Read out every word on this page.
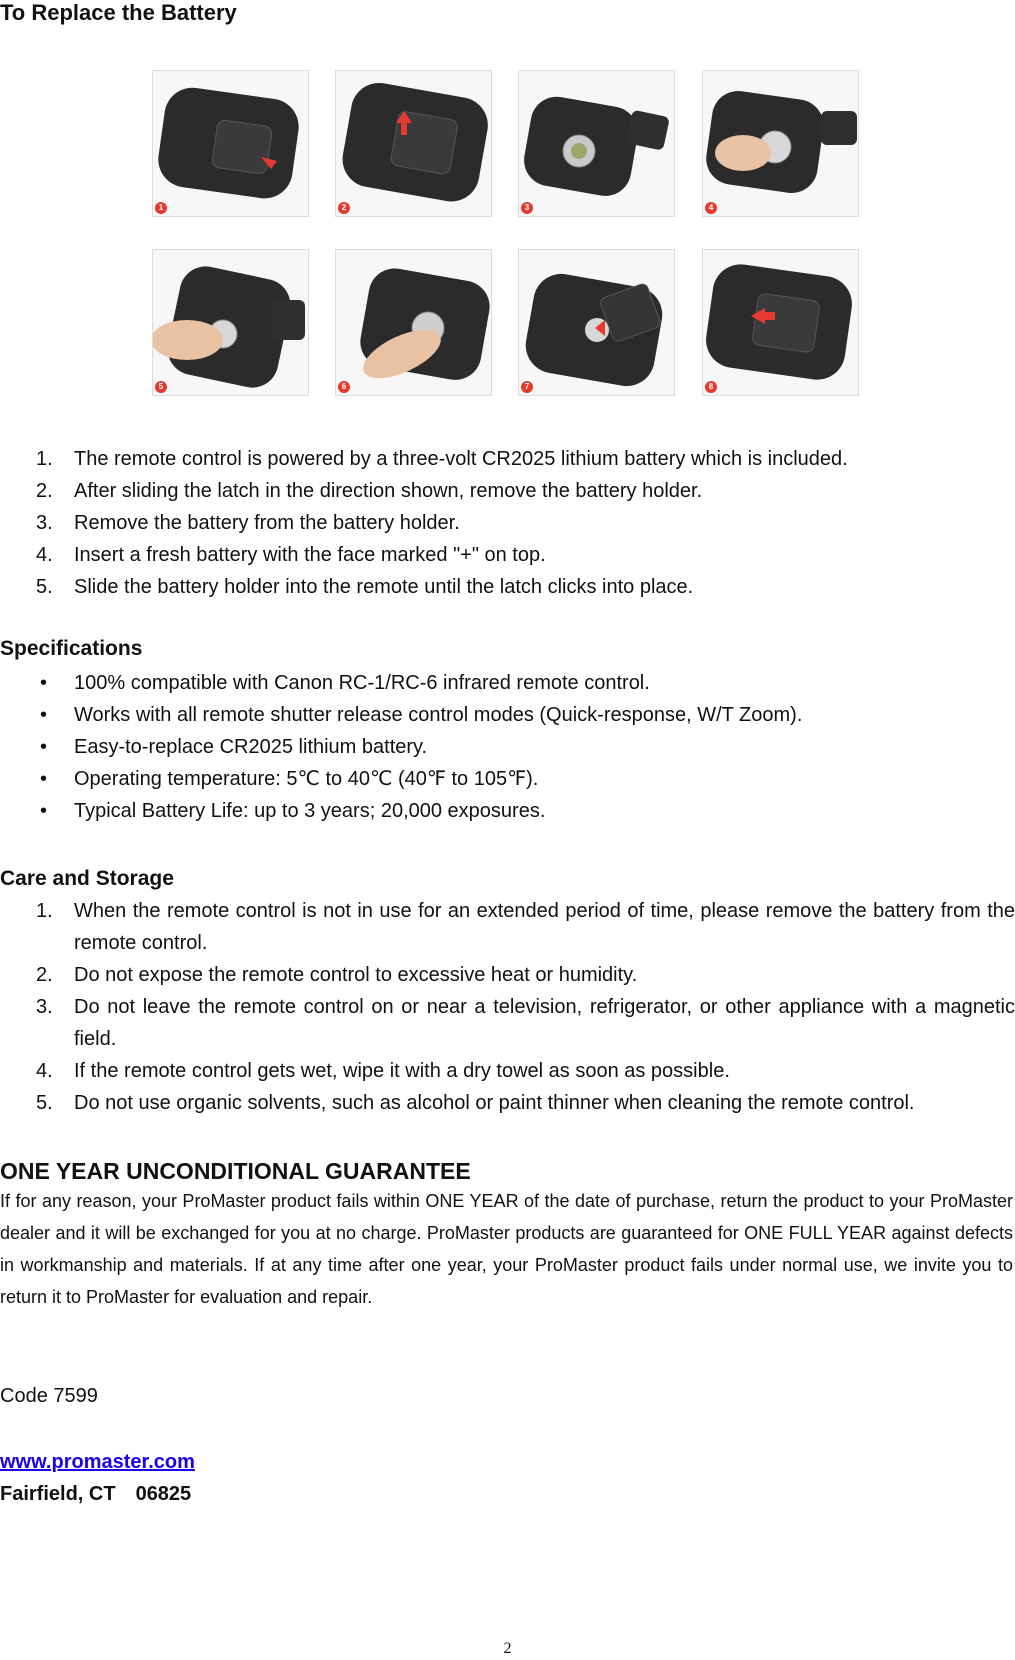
To Replace the Battery
1	2	3	4
5	6	7	8
1. The remote control is powered by a three-volt CR2025 lithium battery which is included.
2. After sliding the latch in the direction shown, remove the battery holder.
3. Remove the battery from the battery holder.
4. Insert a fresh battery with the face marked "+" on top.
5. Slide the battery holder into the remote until the latch clicks into place.
Specifications
• 100% compatible with Canon RC-1/RC-6 infrared remote control.
• Works with all remote shutter release control modes (Quick-response, W/T Zoom).
• Easy-to-replace CR2025 lithium battery.
• Operating temperature: 5℃ to 40℃ (40℉ to 105℉).
• Typical Battery Life: up to 3 years; 20,000 exposures.
Care and Storage
1. When the remote control is not in use for an extended period of time, please remove the battery from the remote control.
2. Do not expose the remote control to excessive heat or humidity.
3. Do not leave the remote control on or near a television, refrigerator, or other appliance with a magnetic field.
4. If the remote control gets wet, wipe it with a dry towel as soon as possible.
5. Do not use organic solvents, such as alcohol or paint thinner when cleaning the remote control.
ONE YEAR UNCONDITIONAL GUARANTEE

If for any reason, your ProMaster product fails within ONE YEAR of the date of purchase, return the product to your ProMaster dealer and it will be exchanged for you at no charge. ProMaster products are guaranteed for ONE FULL YEAR against defects in workmanship and materials. If at any time after one year, your ProMaster product fails under normal use, we invite you to return it to ProMaster for evaluation and repair.

Code 7599

www.promaster.com

Fairfield, CT　06825

2
